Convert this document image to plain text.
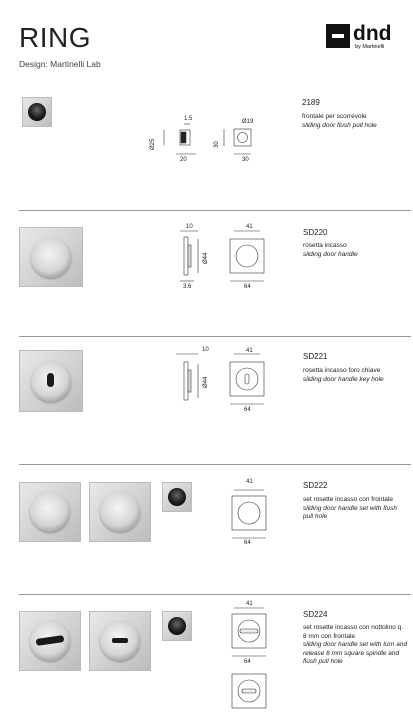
RING
Design: Martinelli Lab
dnd
by Martinelli
1.5	Ø19
Ø25	30
20	30
2189
frontale per scorrevole
sliding door flush pull hole
10	41
Ø44
3.6	64
SD220
rosetta incasso
sliding door handle
10	41
Ø44
64
SD221
rosetta incasso foro chiave
sliding door handle key hole
41
64
SD222
set rosette incasso con frontale
sliding door handle set with flush pull hole
41
64
SD224
set rosette incasso con nottolino q. 8 mm con frontale
sliding door handle set with turn and release 8 mm square spindle and flush pull hole
